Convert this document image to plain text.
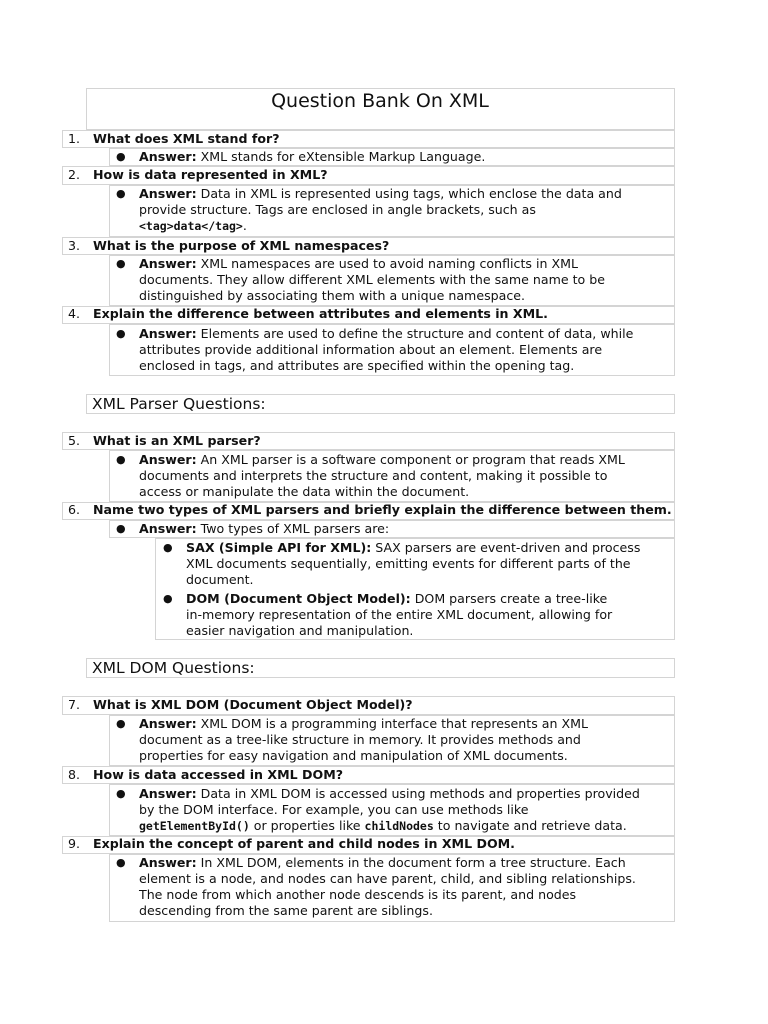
Question Bank On XML
1. What does XML stand for?
● Answer: XML stands for eXtensible Markup Language.
2. How is data represented in XML?
● Answer: Data in XML is represented using tags, which enclose the data and
provide structure. Tags are enclosed in angle brackets, such as
<tag>data</tag>.
3. What is the purpose of XML namespaces?
● Answer: XML namespaces are used to avoid naming conflicts in XML
documents. They allow different XML elements with the same name to be
distinguished by associating them with a unique namespace.
4. Explain the difference between attributes and elements in XML.
● Answer: Elements are used to define the structure and content of data, while
attributes provide additional information about an element. Elements are
enclosed in tags, and attributes are specified within the opening tag.
XML Parser Questions:
5. What is an XML parser?
● Answer: An XML parser is a software component or program that reads XML
documents and interprets the structure and content, making it possible to
access or manipulate the data within the document.
6. Name two types of XML parsers and briefly explain the difference between them.
● Answer: Two types of XML parsers are:
● SAX (Simple API for XML): SAX parsers are event-driven and process
XML documents sequentially, emitting events for different parts of the
document.
● DOM (Document Object Model): DOM parsers create a tree-like
in-memory representation of the entire XML document, allowing for
easier navigation and manipulation.
XML DOM Questions:
7. What is XML DOM (Document Object Model)?
● Answer: XML DOM is a programming interface that represents an XML
document as a tree-like structure in memory. It provides methods and
properties for easy navigation and manipulation of XML documents.
8. How is data accessed in XML DOM?
● Answer: Data in XML DOM is accessed using methods and properties provided
by the DOM interface. For example, you can use methods like
getElementById() or properties like childNodes to navigate and retrieve data.
9. Explain the concept of parent and child nodes in XML DOM.
● Answer: In XML DOM, elements in the document form a tree structure. Each
element is a node, and nodes can have parent, child, and sibling relationships.
The node from which another node descends is its parent, and nodes
descending from the same parent are siblings.
